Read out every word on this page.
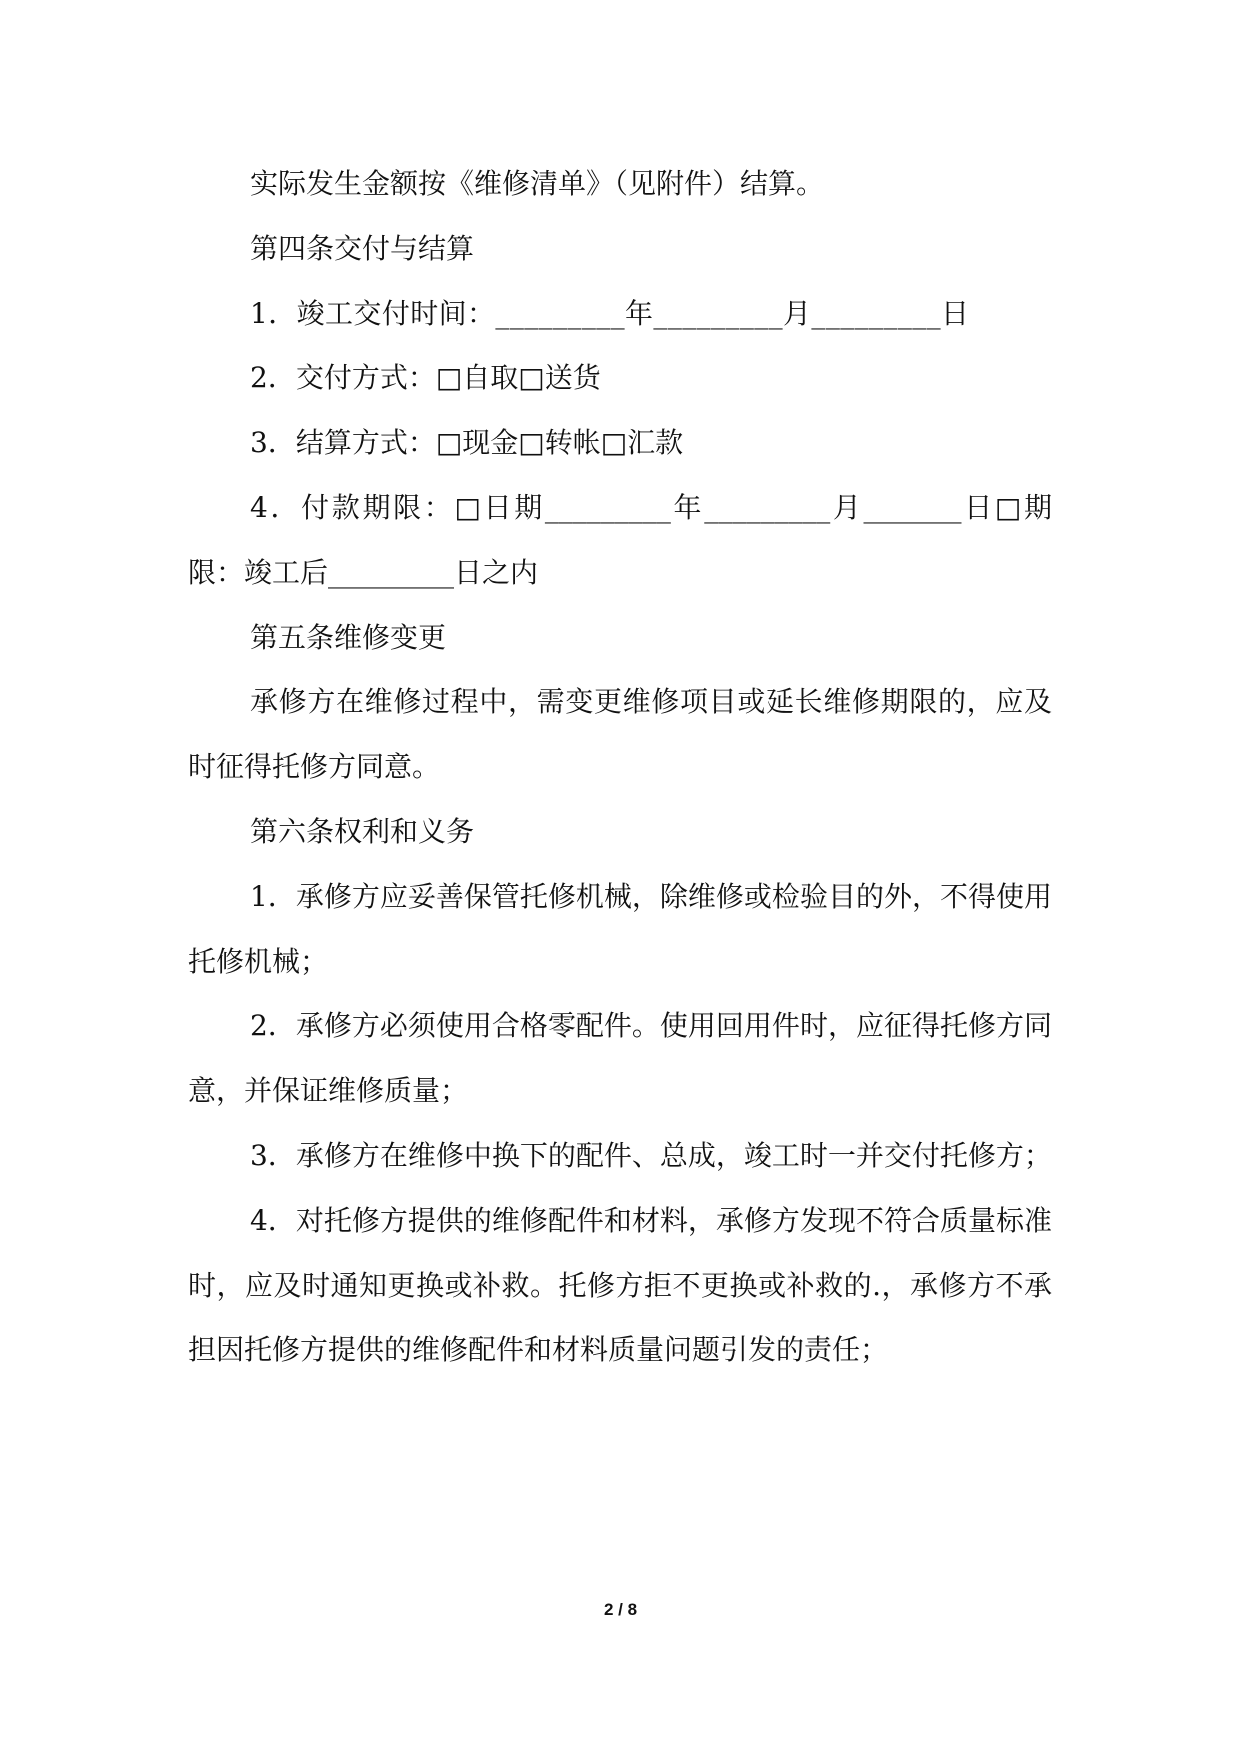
实际发生金额按《维修清单》（见附件）结算。

第四条交付与结算

1．竣工交付时间：_________年_________月_________日

2．交付方式：□自取□送货

3．结算方式：□现金□转帐□汇款

4．付款期限：□日期_________年_________月_______日□期限：竣工后_________日之内

第五条维修变更

承修方在维修过程中，需变更维修项目或延长维修期限的，应及时征得托修方同意。

第六条权利和义务

1．承修方应妥善保管托修机械，除维修或检验目的外，不得使用托修机械；

2．承修方必须使用合格零配件。使用回用件时，应征得托修方同意，并保证维修质量；

3．承修方在维修中换下的配件、总成，竣工时一并交付托修方；

4．对托修方提供的维修配件和材料，承修方发现不符合质量标准时，应及时通知更换或补救。托修方拒不更换或补救的.，承修方不承担因托修方提供的维修配件和材料质量问题引发的责任；

2 / 8
